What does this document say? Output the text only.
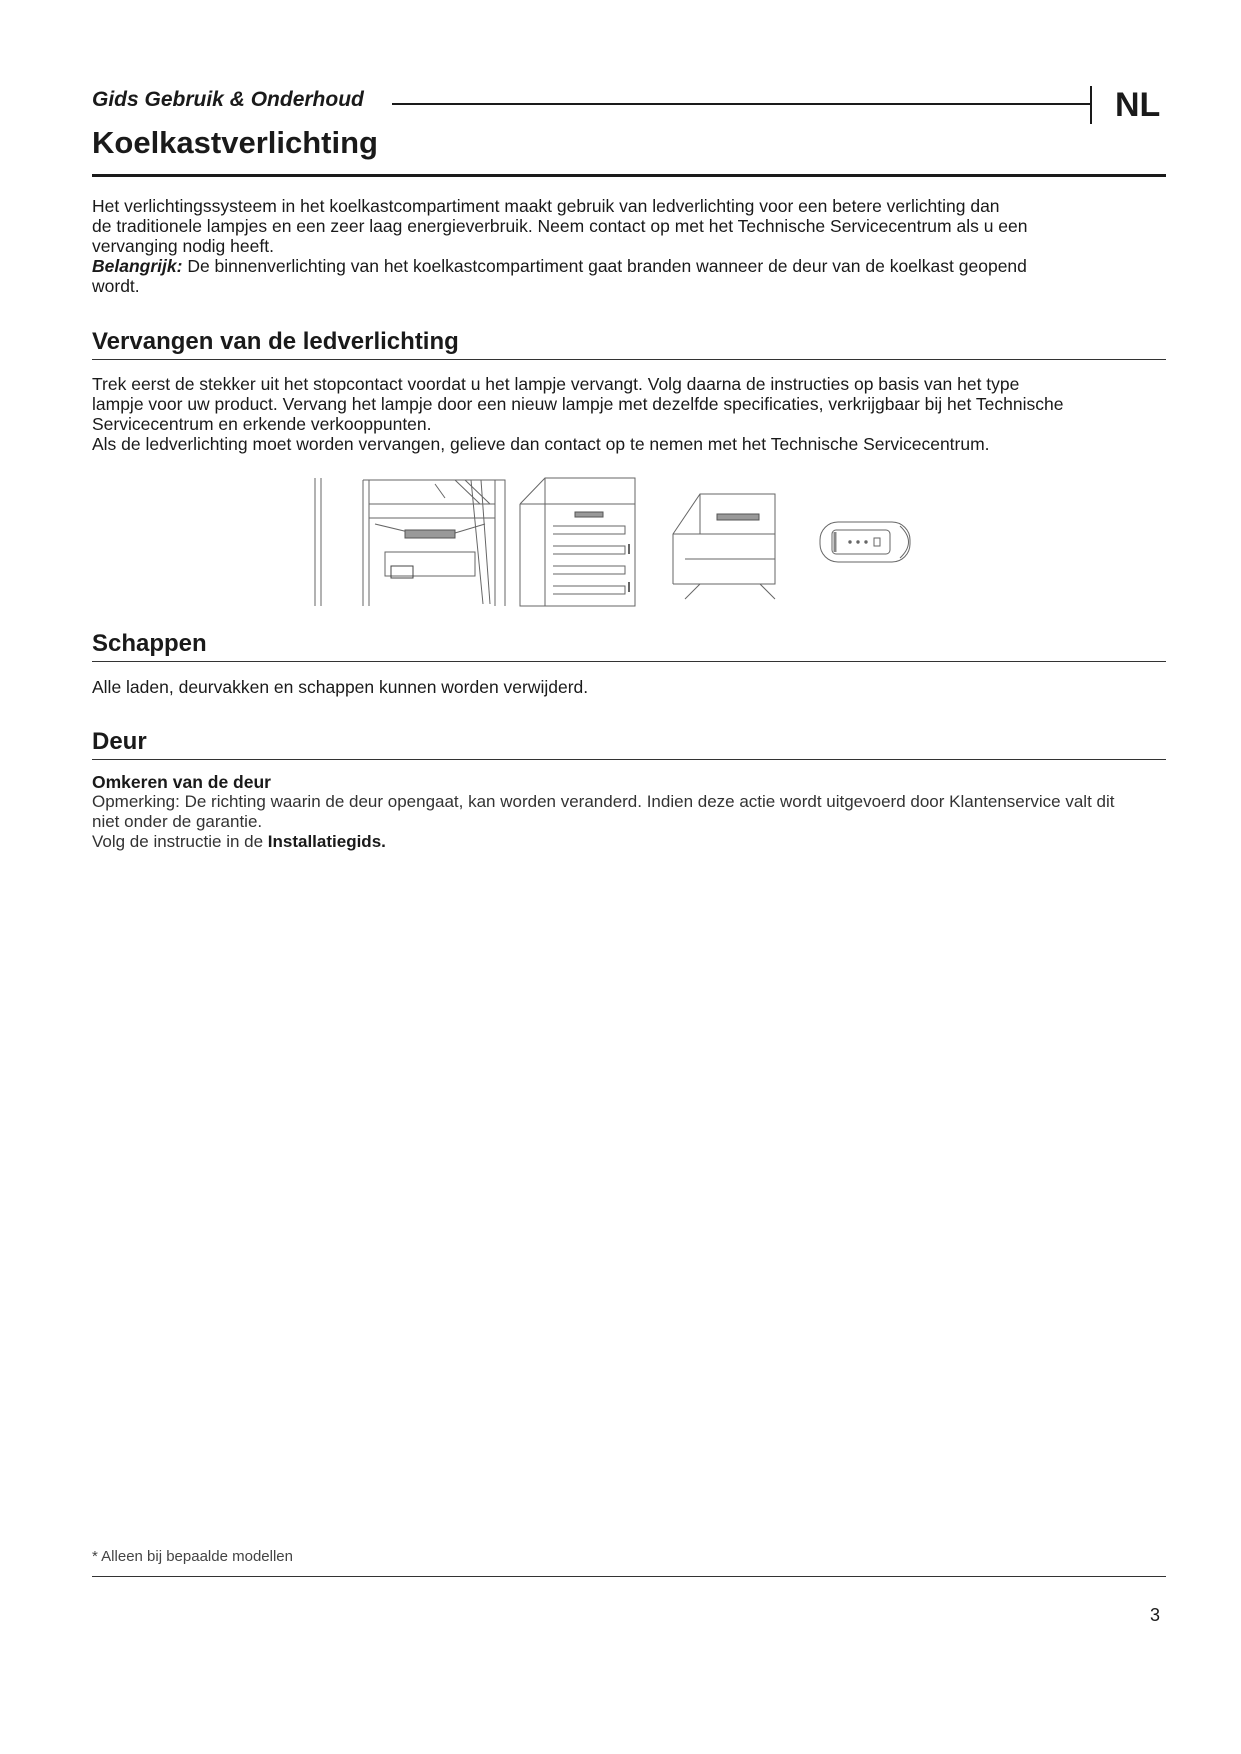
Gids Gebruik & Onderhoud	NL
Koelkastverlichting
Het verlichtingssysteem in het koelkastcompartiment maakt gebruik van ledverlichting voor een betere verlichting dan
de traditionele lampjes en een zeer laag energieverbruik. Neem contact op met het Technische Servicecentrum als u een
vervanging nodig heeft.
Belangrijk: De binnenverlichting van het koelkastcompartiment gaat branden wanneer de deur van de koelkast geopend
wordt.
Vervangen van de ledverlichting
Trek eerst de stekker uit het stopcontact voordat u het lampje vervangt. Volg daarna de instructies op basis van het type
lampje voor uw product. Vervang het lampje door een nieuw lampje met dezelfde specificaties, verkrijgbaar bij het Technische
Servicecentrum en erkende verkooppunten.
Als de ledverlichting moet worden vervangen, gelieve dan contact op te nemen met het Technische Servicecentrum.
Schappen
Alle laden, deurvakken en schappen kunnen worden verwijderd.
Deur
Omkeren van de deur
Opmerking: De richting waarin de deur opengaat, kan worden veranderd. Indien deze actie wordt uitgevoerd door Klantenservice valt dit
niet onder de garantie.
Volg de instructie in de Installatiegids.
* Alleen bij bepaalde modellen
3
